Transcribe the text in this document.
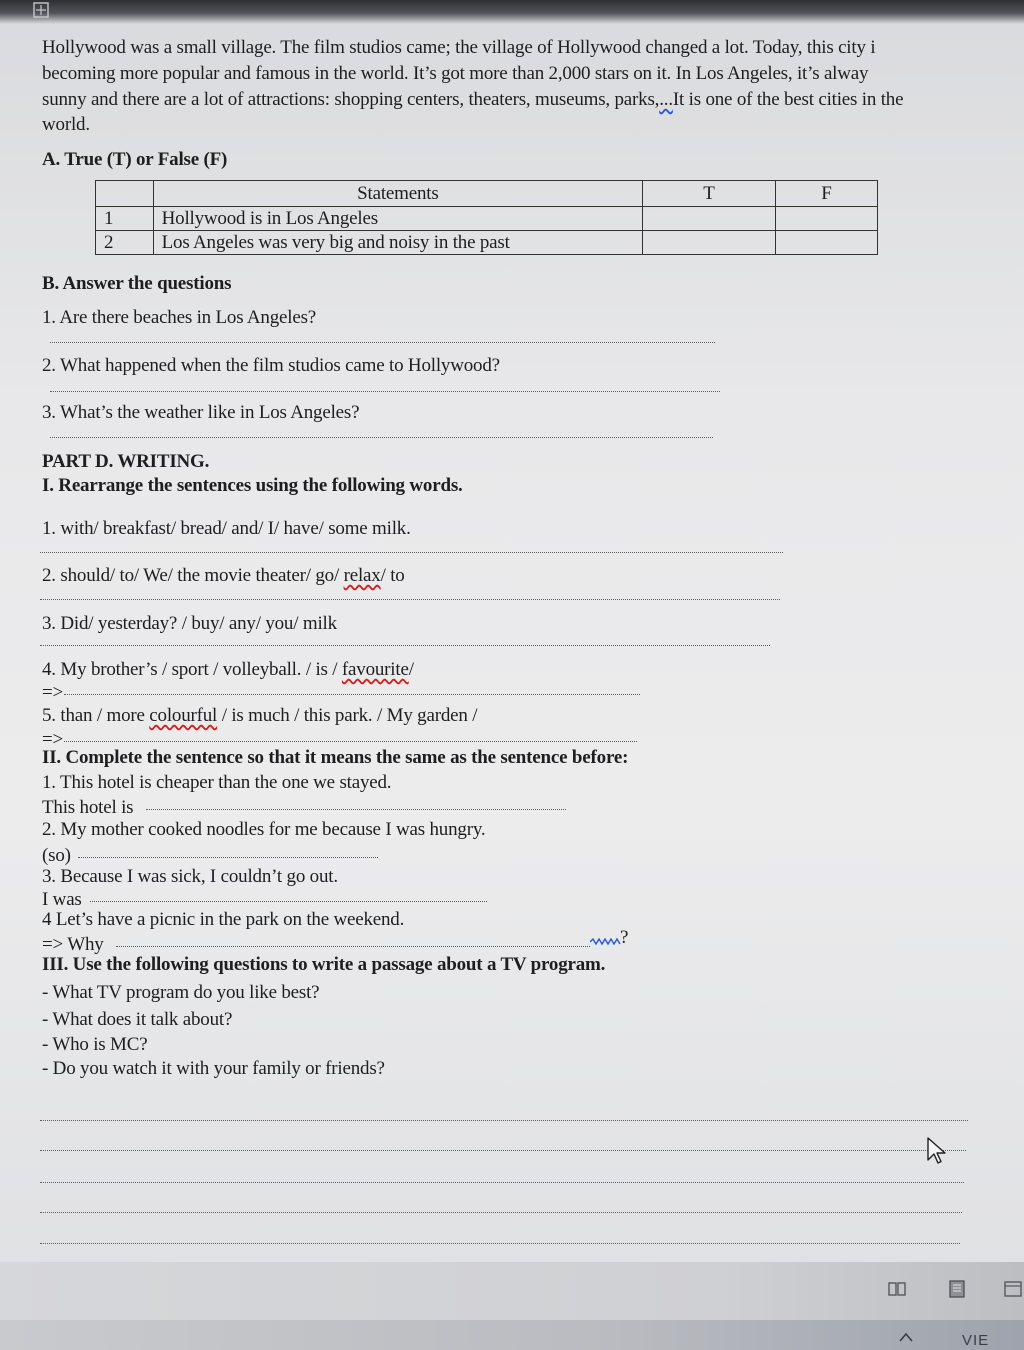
Hollywood was a small village. The film studios came; the village of Hollywood changed a lot. Today, this city i
becoming more popular and famous in the world. It’s got more than 2,000 stars on it. In Los Angeles, it’s alway
sunny and there are a lot of attractions: shopping centers, theaters, museums, parks,...It is one of the best cities in the
world.
A. True (T) or False (F)
	Statements	T	F
1	Hollywood is in Los Angeles		
2	Los Angeles was very big and noisy in the past		
B. Answer the questions
1. Are there beaches in Los Angeles?
2. What happened when the film studios came to Hollywood?
3. What’s the weather like in Los Angeles?
PART D. WRITING.
I. Rearrange the sentences using the following words.
1. with/ breakfast/ bread/ and/ I/ have/ some milk.
2. should/ to/ We/ the movie theater/ go/ relax/ to
3. Did/ yesterday? / buy/ any/ you/ milk
4. My brother’s / sport / volleyball. / is / favourite/
=>
5. than / more colourful / is much / this park. / My garden /
=>
II. Complete the sentence so that it means the same as the sentence before:
1. This hotel is cheaper than the one we stayed.
This hotel is
2. My mother cooked noodles for me because I was hungry.
(so)
3. Because I was sick, I couldn’t go out.
I was
4 Let’s have a picnic in the park on the weekend.
=> Why	?
III. Use the following questions to write a passage about a TV program.
- What TV program do you like best?
- What does it talk about?
- Who is MC?
- Do you watch it with your family or friends?
VIE
